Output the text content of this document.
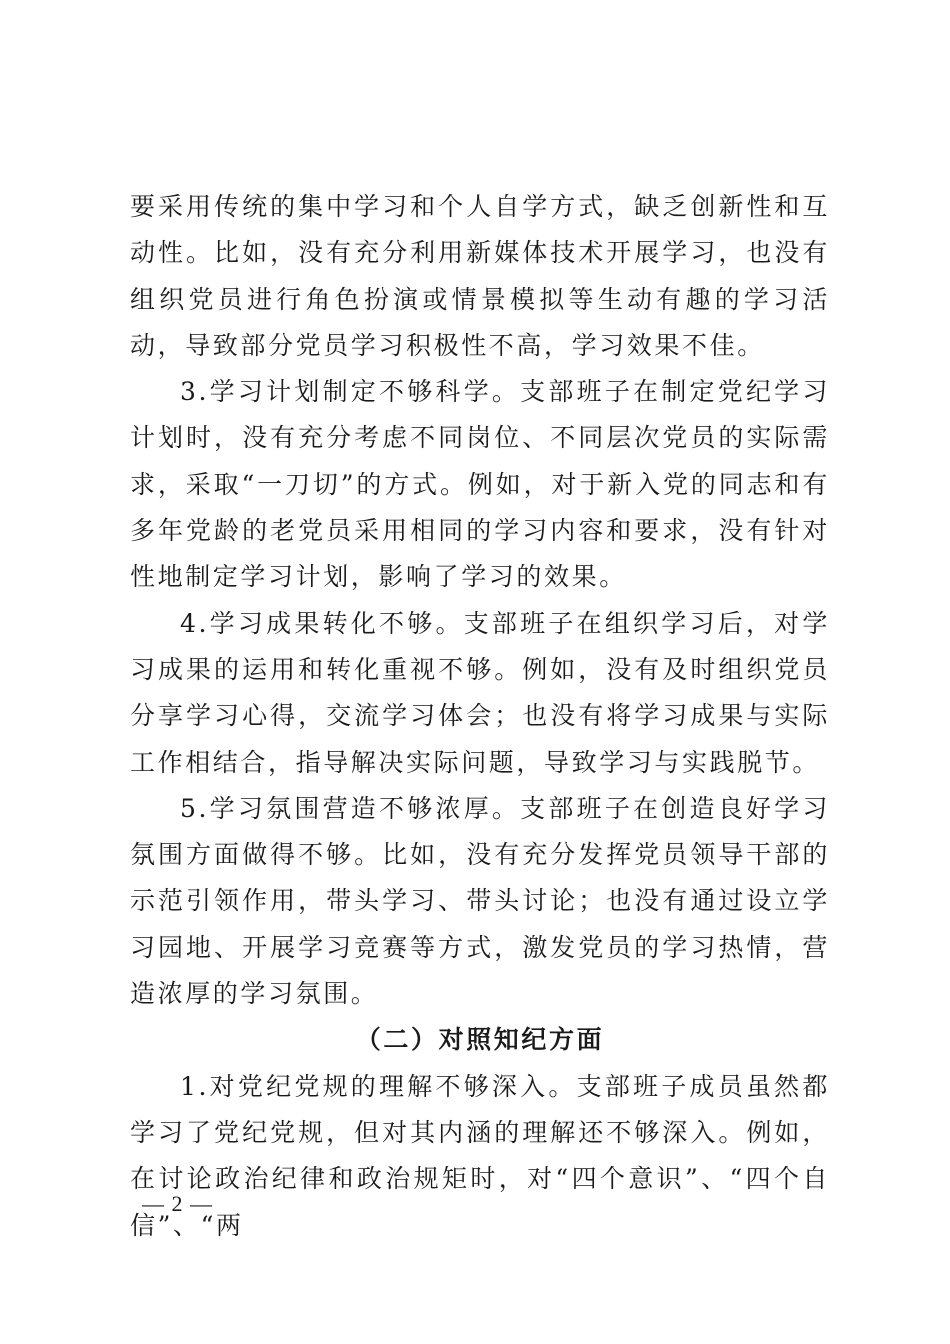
要采用传统的集中学习和个人自学方式，缺乏创新性和互动性。比如，没有充分利用新媒体技术开展学习，也没有组织党员进行角色扮演或情景模拟等生动有趣的学习活动，导致部分党员学习积极性不高，学习效果不佳。

3.学习计划制定不够科学。支部班子在制定党纪学习计划时，没有充分考虑不同岗位、不同层次党员的实际需求，采取“一刀切”的方式。例如，对于新入党的同志和有多年党龄的老党员采用相同的学习内容和要求，没有针对性地制定学习计划，影响了学习的效果。

4.学习成果转化不够。支部班子在组织学习后，对学习成果的运用和转化重视不够。例如，没有及时组织党员分享学习心得，交流学习体会；也没有将学习成果与实际工作相结合，指导解决实际问题，导致学习与实践脱节。

5.学习氛围营造不够浓厚。支部班子在创造良好学习氛围方面做得不够。比如，没有充分发挥党员领导干部的示范引领作用，带头学习、带头讨论；也没有通过设立学习园地、开展学习竞赛等方式，激发党员的学习热情，营造浓厚的学习氛围。

（二）对照知纪方面

1.对党纪党规的理解不够深入。支部班子成员虽然都学习了党纪党规，但对其内涵的理解还不够深入。例如，在讨论政治纪律和政治规矩时，对“四个意识”、“四个自信”、“两

— 2 —
